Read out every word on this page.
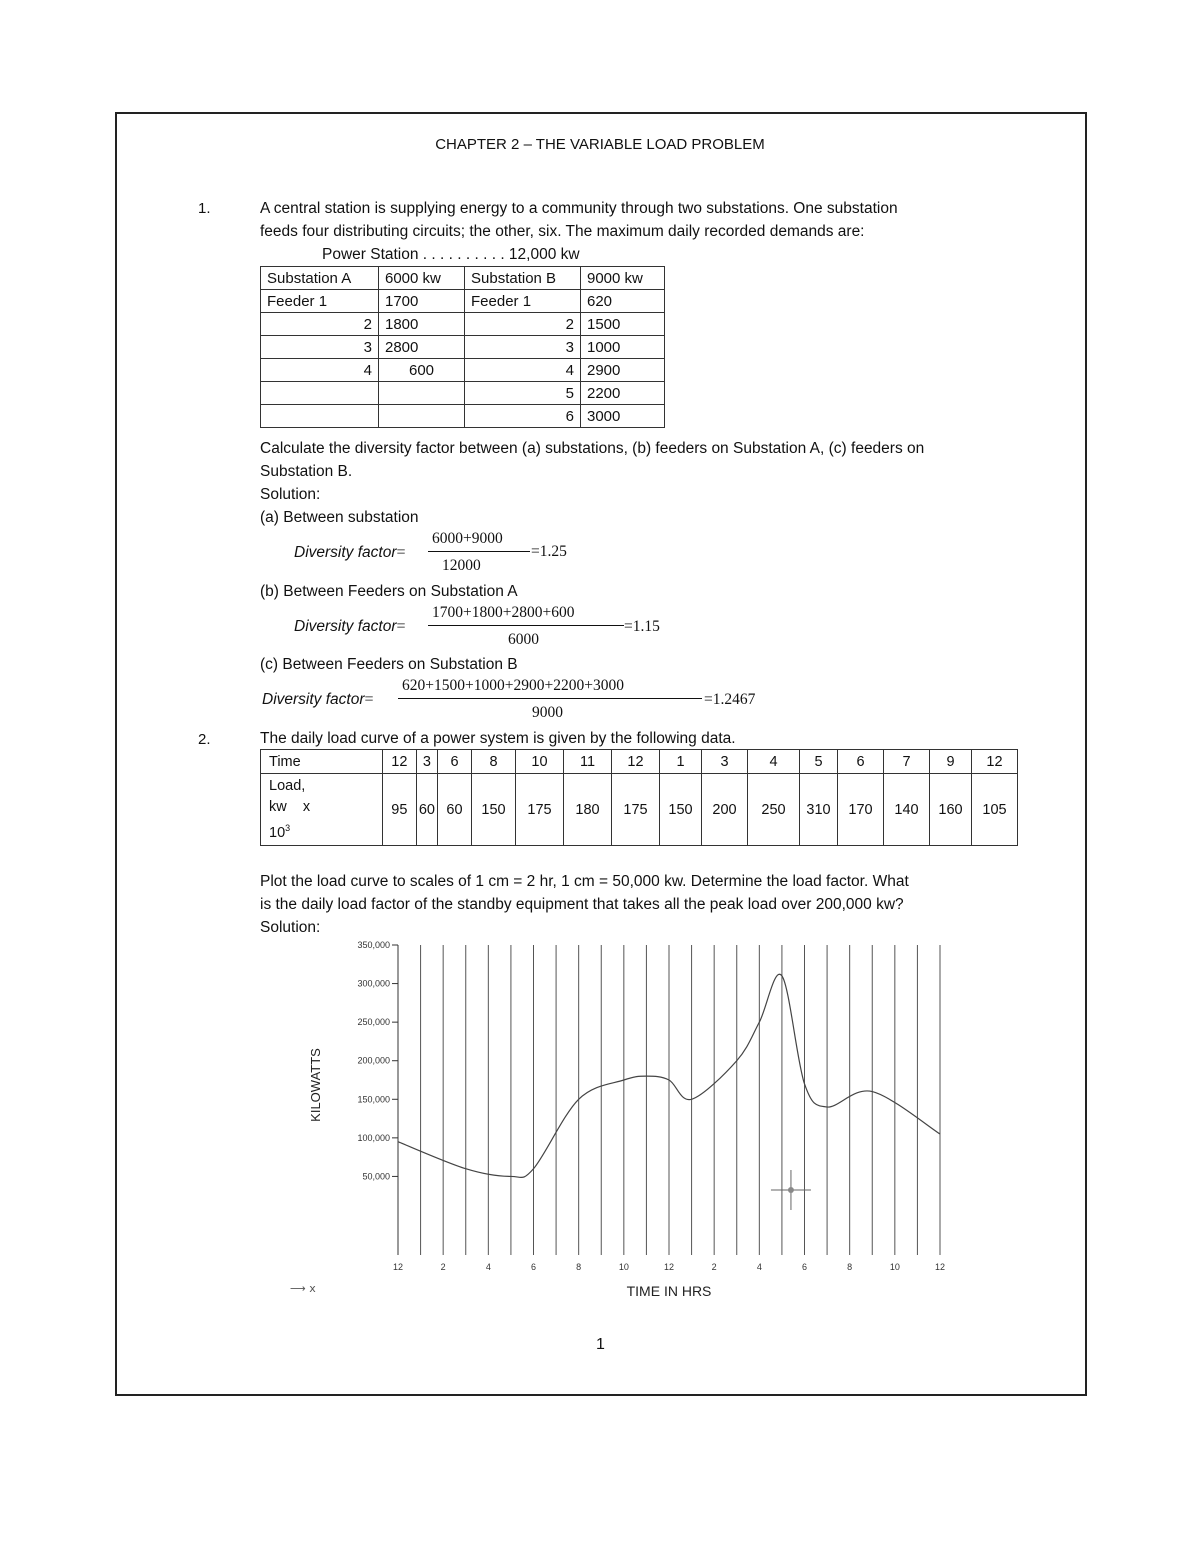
CHAPTER 2 – THE VARIABLE LOAD PROBLEM
1.	A central station is supplying energy to a community through two substations. One substation
feeds four distributing circuits; the other, six. The maximum daily recorded demands are:
Power Station . . . . . . . . . . 12,000 kw
Substation A	6000 kw	Substation B	9000 kw
Feeder 1	1700	Feeder 1	620
2	1800	2	1500
3	2800	3	1000
4	600	4	2900
		5	2200
		6	3000
Calculate the diversity factor between (a) substations, (b) feeders on Substation A, (c) feeders on
Substation B.
Solution:
(a) Between substation
Diversity factor=
6000+9000
12000
=1.25
(b) Between Feeders on Substation A
Diversity factor=
1700+1800+2800+600
6000
=1.15
(c) Between Feeders on Substation B
Diversity factor=
620+1500+1000+2900+2200+3000
9000
=1.2467
2.	The daily load curve of a power system is given by the following data.
Time	12	3	6	8	10	11	12	1	3	4	5	6	7	9	12

Load,
kw    x
$10^3$	95	60	60	150	175	180	175	150	200	250	310	170	140	160	105
Plot the load curve to scales of 1 cm = 2 hr, 1 cm = 50,000 kw. Determine the load factor. What
is the daily load factor of the standby equipment that takes all the peak load over 200,000 kw?
Solution:
50,000
100,000
150,000
200,000
250,000
300,000
350,000
12	2	4	6	8	10	12	2	4	6	8	10	12
TIME IN HRS
KILOWATTS
⟶ x
1
